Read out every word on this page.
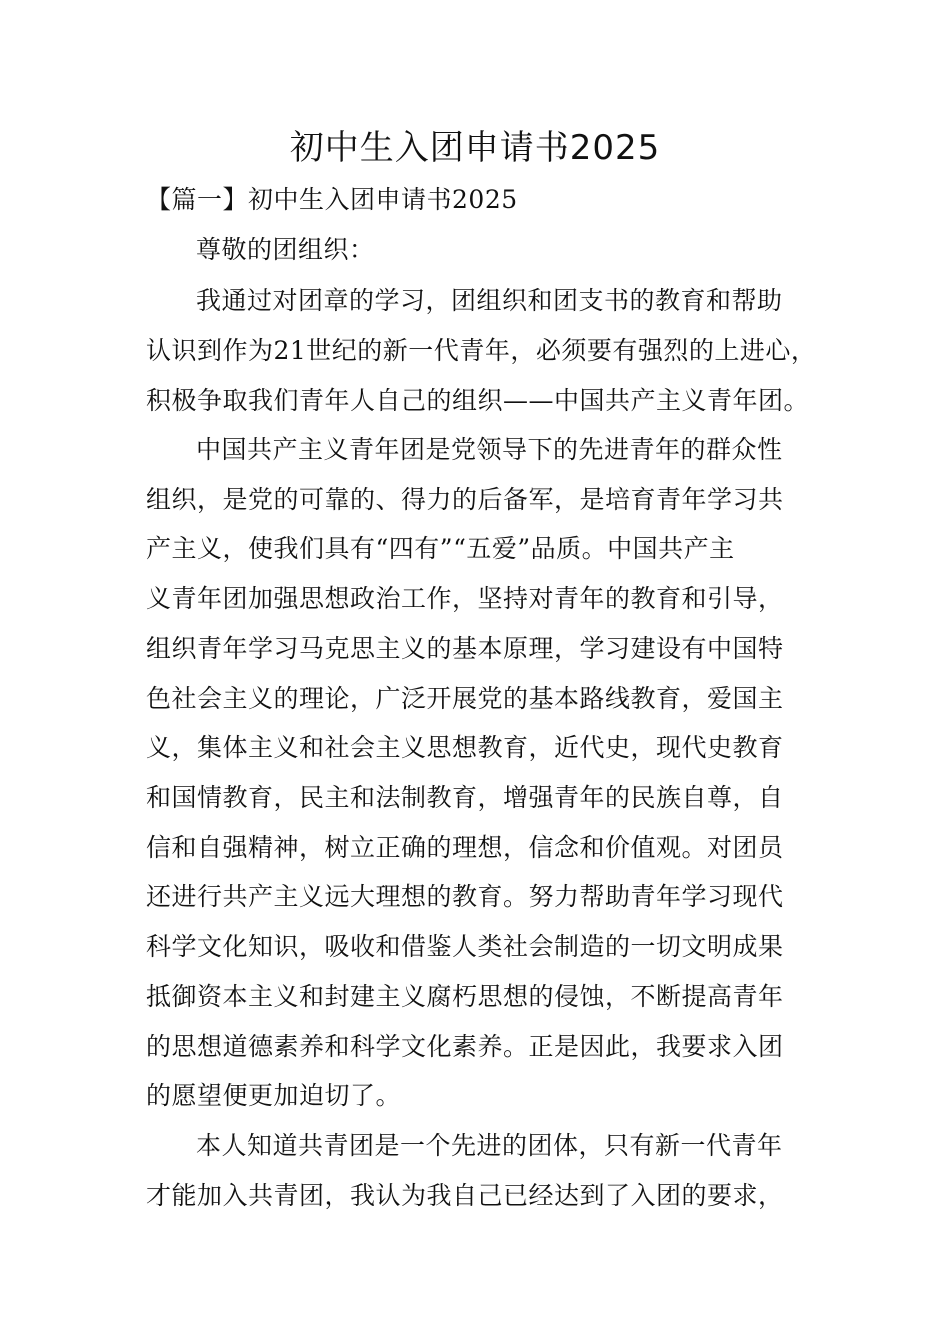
初中生入团申请书2025
【篇一】初中生入团申请书2025
尊敬的团组织：
我通过对团章的学习，团组织和团支书的教育和帮助
认识到作为21世纪的新一代青年，必须要有强烈的上进心，
积极争取我们青年人自己的组织——中国共产主义青年团。
中国共产主义青年团是党领导下的先进青年的群众性
组织，是党的可靠的、得力的后备军，是培育青年学习共
产主义，使我们具有“四有”“五爱”品质。中国共产主
义青年团加强思想政治工作，坚持对青年的教育和引导，
组织青年学习马克思主义的基本原理，学习建设有中国特
色社会主义的理论，广泛开展党的基本路线教育，爱国主
义，集体主义和社会主义思想教育，近代史，现代史教育
和国情教育，民主和法制教育，增强青年的民族自尊，自
信和自强精神，树立正确的理想，信念和价值观。对团员
还进行共产主义远大理想的教育。努力帮助青年学习现代
科学文化知识，吸收和借鉴人类社会制造的一切文明成果
抵御资本主义和封建主义腐朽思想的侵蚀，不断提高青年
的思想道德素养和科学文化素养。正是因此，我要求入团
的愿望便更加迫切了。
本人知道共青团是一个先进的团体，只有新一代青年
才能加入共青团，我认为我自己已经达到了入团的要求，
